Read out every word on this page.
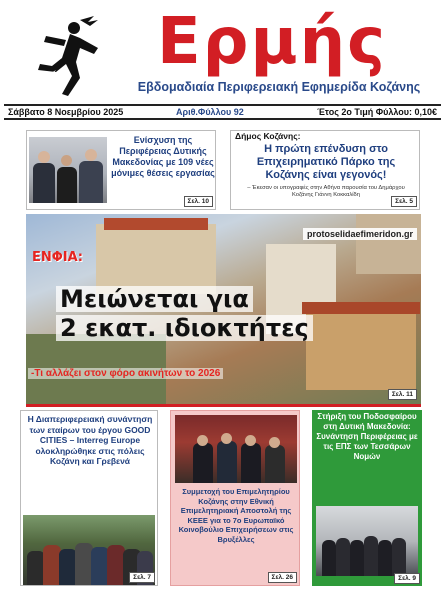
Ερμής
Εβδομαδιαία Περιφερειακή Εφημερίδα Κοζάνης
Σάββατο 8 Νοεμβρίου 2025	Αριθ.Φύλλου 92	Έτος 2ο Τιμή Φύλλου: 0,10€
Ενίσχυση της Περιφέρειας Δυτικής Μακεδονίας με 109 νέες μόνιμες θέσεις εργασίας
Σελ. 10
Δήμος Κοζάνης:
Η πρώτη επένδυση στο Επιχειρηματικό Πάρκο της Κοζάνης είναι γεγονός!
– Έκεσαν οι υπογραφές στην Αθήνα παρουσία του Δημάρχου Κοζάνης Γιάννη Κοκκαλίδη
Σελ. 5
protoselidaefimeridon.gr
ΕΝΦΙΑ:
Μειώνεται για
2 εκατ. ιδιοκτήτες
-Τι αλλάζει στον φόρο ακινήτων το 2026
Σελ. 11
Η Διαπεριφερειακή συνάντηση των εταίρων του έργου GOOD CITIES – Interreg Europe ολοκληρώθηκε στις πόλεις Κοζάνη και Γρεβενά
Σελ. 7
Συμμετοχή του Επιμελητηρίου Κοζάνης στην Εθνική Επιμελητηριακή Αποστολή της ΚΕΕΕ για το 7ο Ευρωπαϊκό Κοινοβούλιο Επιχειρήσεων στις Βρυξέλλες
Σελ. 26
Στήριξη του Ποδοσφαίρου στη Δυτική Μακεδονία: Συνάντηση Περιφέρειας με τις ΕΠΣ των Τεσσάρων Νομών
Σελ. 9
